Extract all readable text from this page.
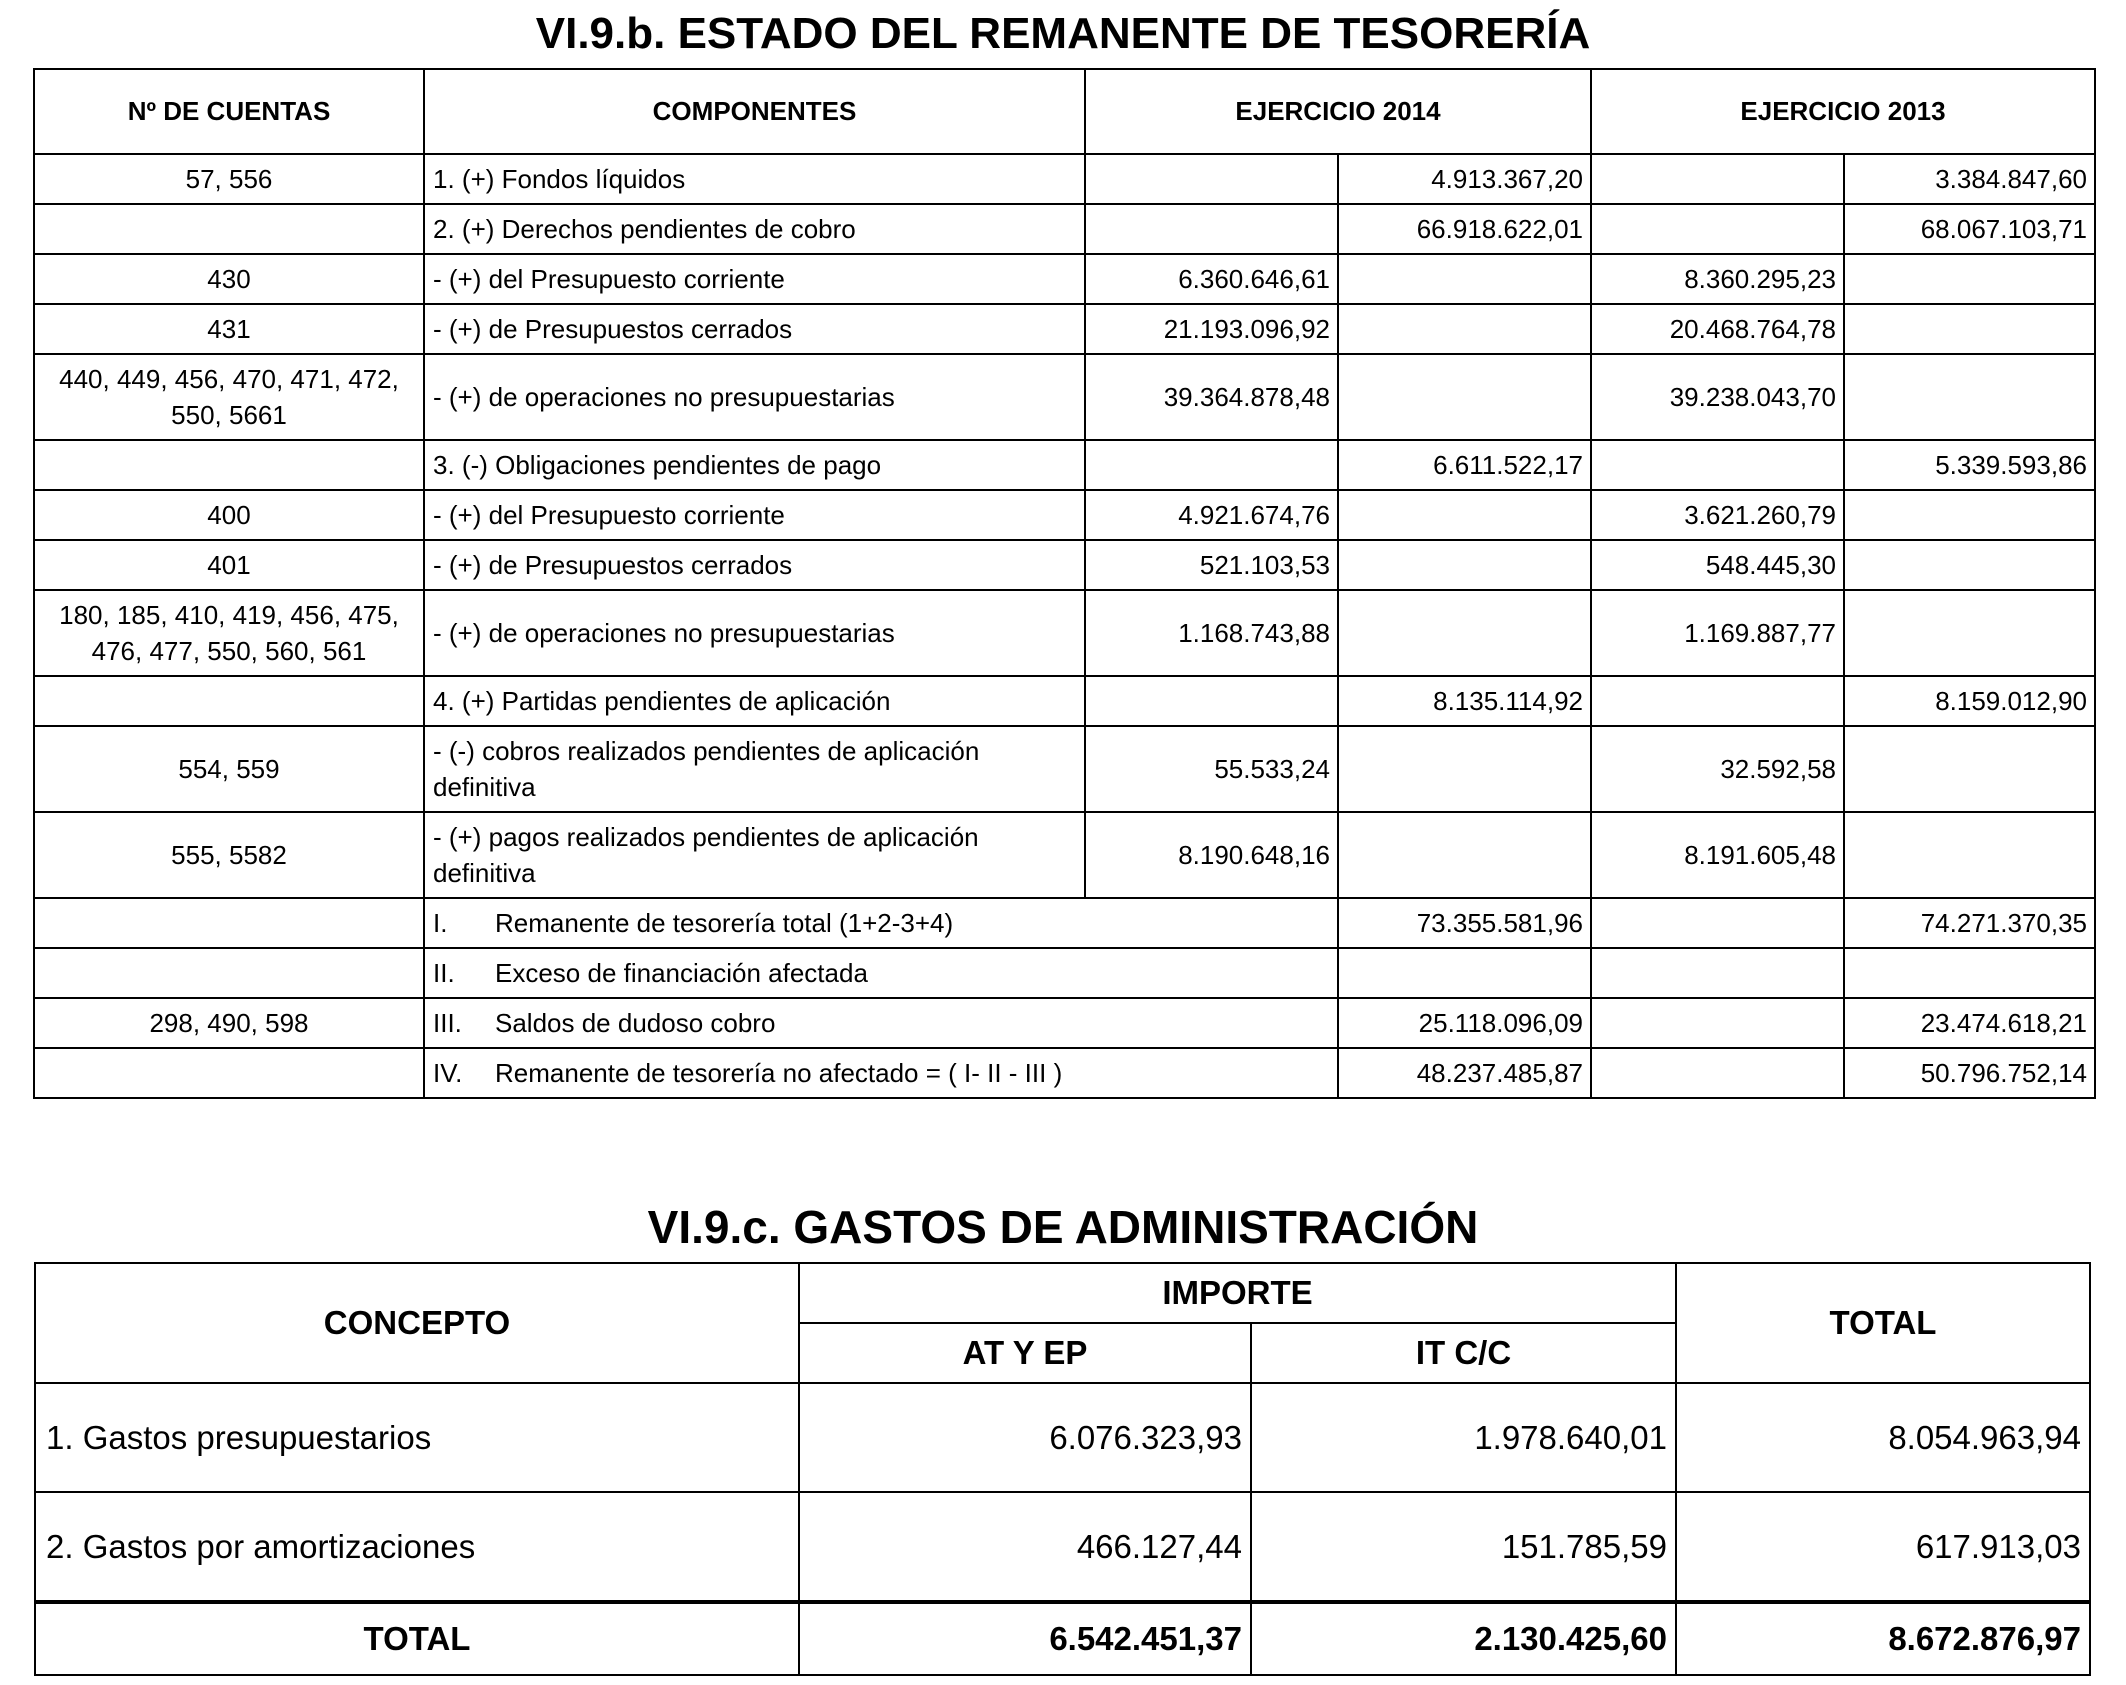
VI.9.b. ESTADO DEL REMANENTE DE TESORERÍA
Nº DE CUENTAS	COMPONENTES	EJERCICIO 2014		EJERCICIO 2013	
57, 556	1. (+) Fondos líquidos		4.913.367,20		3.384.847,60
	2. (+) Derechos pendientes de cobro		66.918.622,01		68.067.103,71
430	- (+) del Presupuesto corriente	6.360.646,61		8.360.295,23	
431	- (+) de Presupuestos cerrados	21.193.096,92		20.468.764,78	
440, 449, 456, 470, 471, 472, 550, 5661	- (+) de operaciones no presupuestarias	39.364.878,48		39.238.043,70	
	3. (-) Obligaciones pendientes de pago		6.611.522,17		5.339.593,86
400	- (+) del Presupuesto corriente	4.921.674,76		3.621.260,79	
401	- (+) de Presupuestos cerrados	521.103,53		548.445,30	
180, 185, 410, 419, 456, 475, 476, 477, 550, 560, 561	- (+) de operaciones no presupuestarias	1.168.743,88		1.169.887,77	
	4. (+) Partidas pendientes de aplicación		8.135.114,92		8.159.012,90
554, 559	- (-) cobros realizados pendientes de aplicación definitiva	55.533,24		32.592,58	
555, 5582	- (+) pagos realizados pendientes de aplicación definitiva	8.190.648,16		8.191.605,48	
	I. Remanente de tesorería total (1+2-3+4)		73.355.581,96		74.271.370,35
	II. Exceso de financiación afectada				
298, 490, 598	III. Saldos de dudoso cobro		25.118.096,09		23.474.618,21
	IV. Remanente de tesorería no afectado = ( I- II - III )		48.237.485,87		50.796.752,14
VI.9.c. GASTOS DE ADMINISTRACIÓN
CONCEPTO	IMPORTE		TOTAL
	AT Y EP	IT C/C	
1. Gastos presupuestarios	6.076.323,93	1.978.640,01	8.054.963,94
2. Gastos por amortizaciones	466.127,44	151.785,59	617.913,03
TOTAL	6.542.451,37	2.130.425,60	8.672.876,97
